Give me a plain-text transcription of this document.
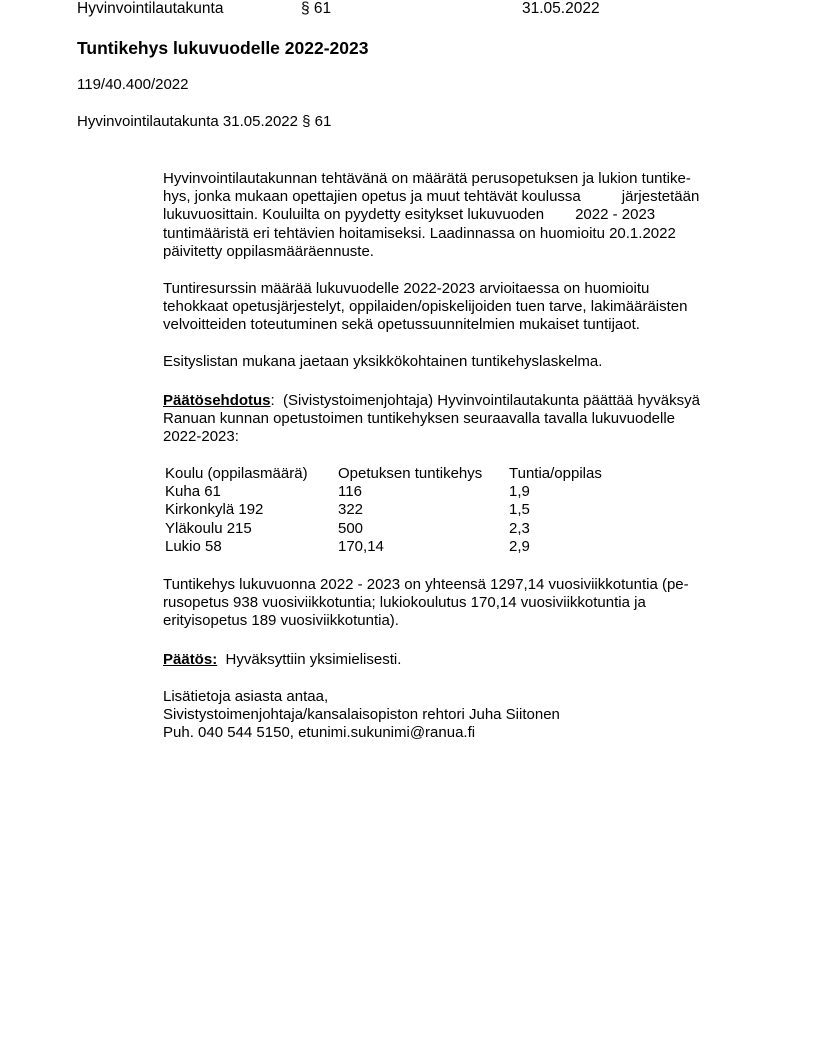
Hyvinvointilautakunta	§ 61	31.05.2022
Tuntikehys lukuvuodelle 2022-2023
119/40.400/2022
Hyvinvointilautakunta 31.05.2022 § 61

Hyvinvointilautakunnan tehtävänä on määrätä perusopetuksen ja lukion tuntike-

hys, jonka mukaan opettajien opetus ja muut tehtävät koulussa	järjestetään

lukuvuosittain. Kouluilta on pyydetty esitykset lukuvuoden 2022 - 2023

tuntimääristä eri tehtävien hoitamiseksi. Laadinnassa on huomioitu 20.1.2022

päivitetty oppilasmääräennuste.

Tuntiresurssin määrää lukuvuodelle 2022-2023 arvioitaessa on huomioitu

tehokkaat opetusjärjestelyt, oppilaiden/opiskelijoiden tuen tarve, lakimääräisten

velvoitteiden toteutuminen sekä opetussuunnitelmien mukaiset tuntijaot.

Esityslistan mukana jaetaan yksikkökohtainen tuntikehyslaskelma.

Päätösehdotus: (Sivistystoimenjohtaja) Hyvinvointilautakunta päättää hyväksyä

Ranuan kunnan opetustoimen tuntikehyksen seuraavalla tavalla lukuvuodelle

2022-2023:

Koulu (oppilasmäärä)	Opetuksen tuntikehys	Tuntia/oppilas
Kuha 61	116	1,9
Kirkonkylä 192	322	1,5
Yläkoulu 215	500	2,3
Lukio 58	170,14	2,9

Tuntikehys lukuvuonna 2022 - 2023 on yhteensä 1297,14 vuosiviikkotuntia (pe-

rusopetus 938 vuosiviikkotuntia; lukiokoulutus 170,14 vuosiviikkotuntia ja

erityisopetus 189 vuosiviikkotuntia).

Päätös: Hyväksyttiin yksimielisesti.

Lisätietoja asiasta antaa,

Sivistystoimenjohtaja/kansalaisopiston rehtori Juha Siitonen

Puh. 040 544 5150, etunimi.sukunimi@ranua.fi
